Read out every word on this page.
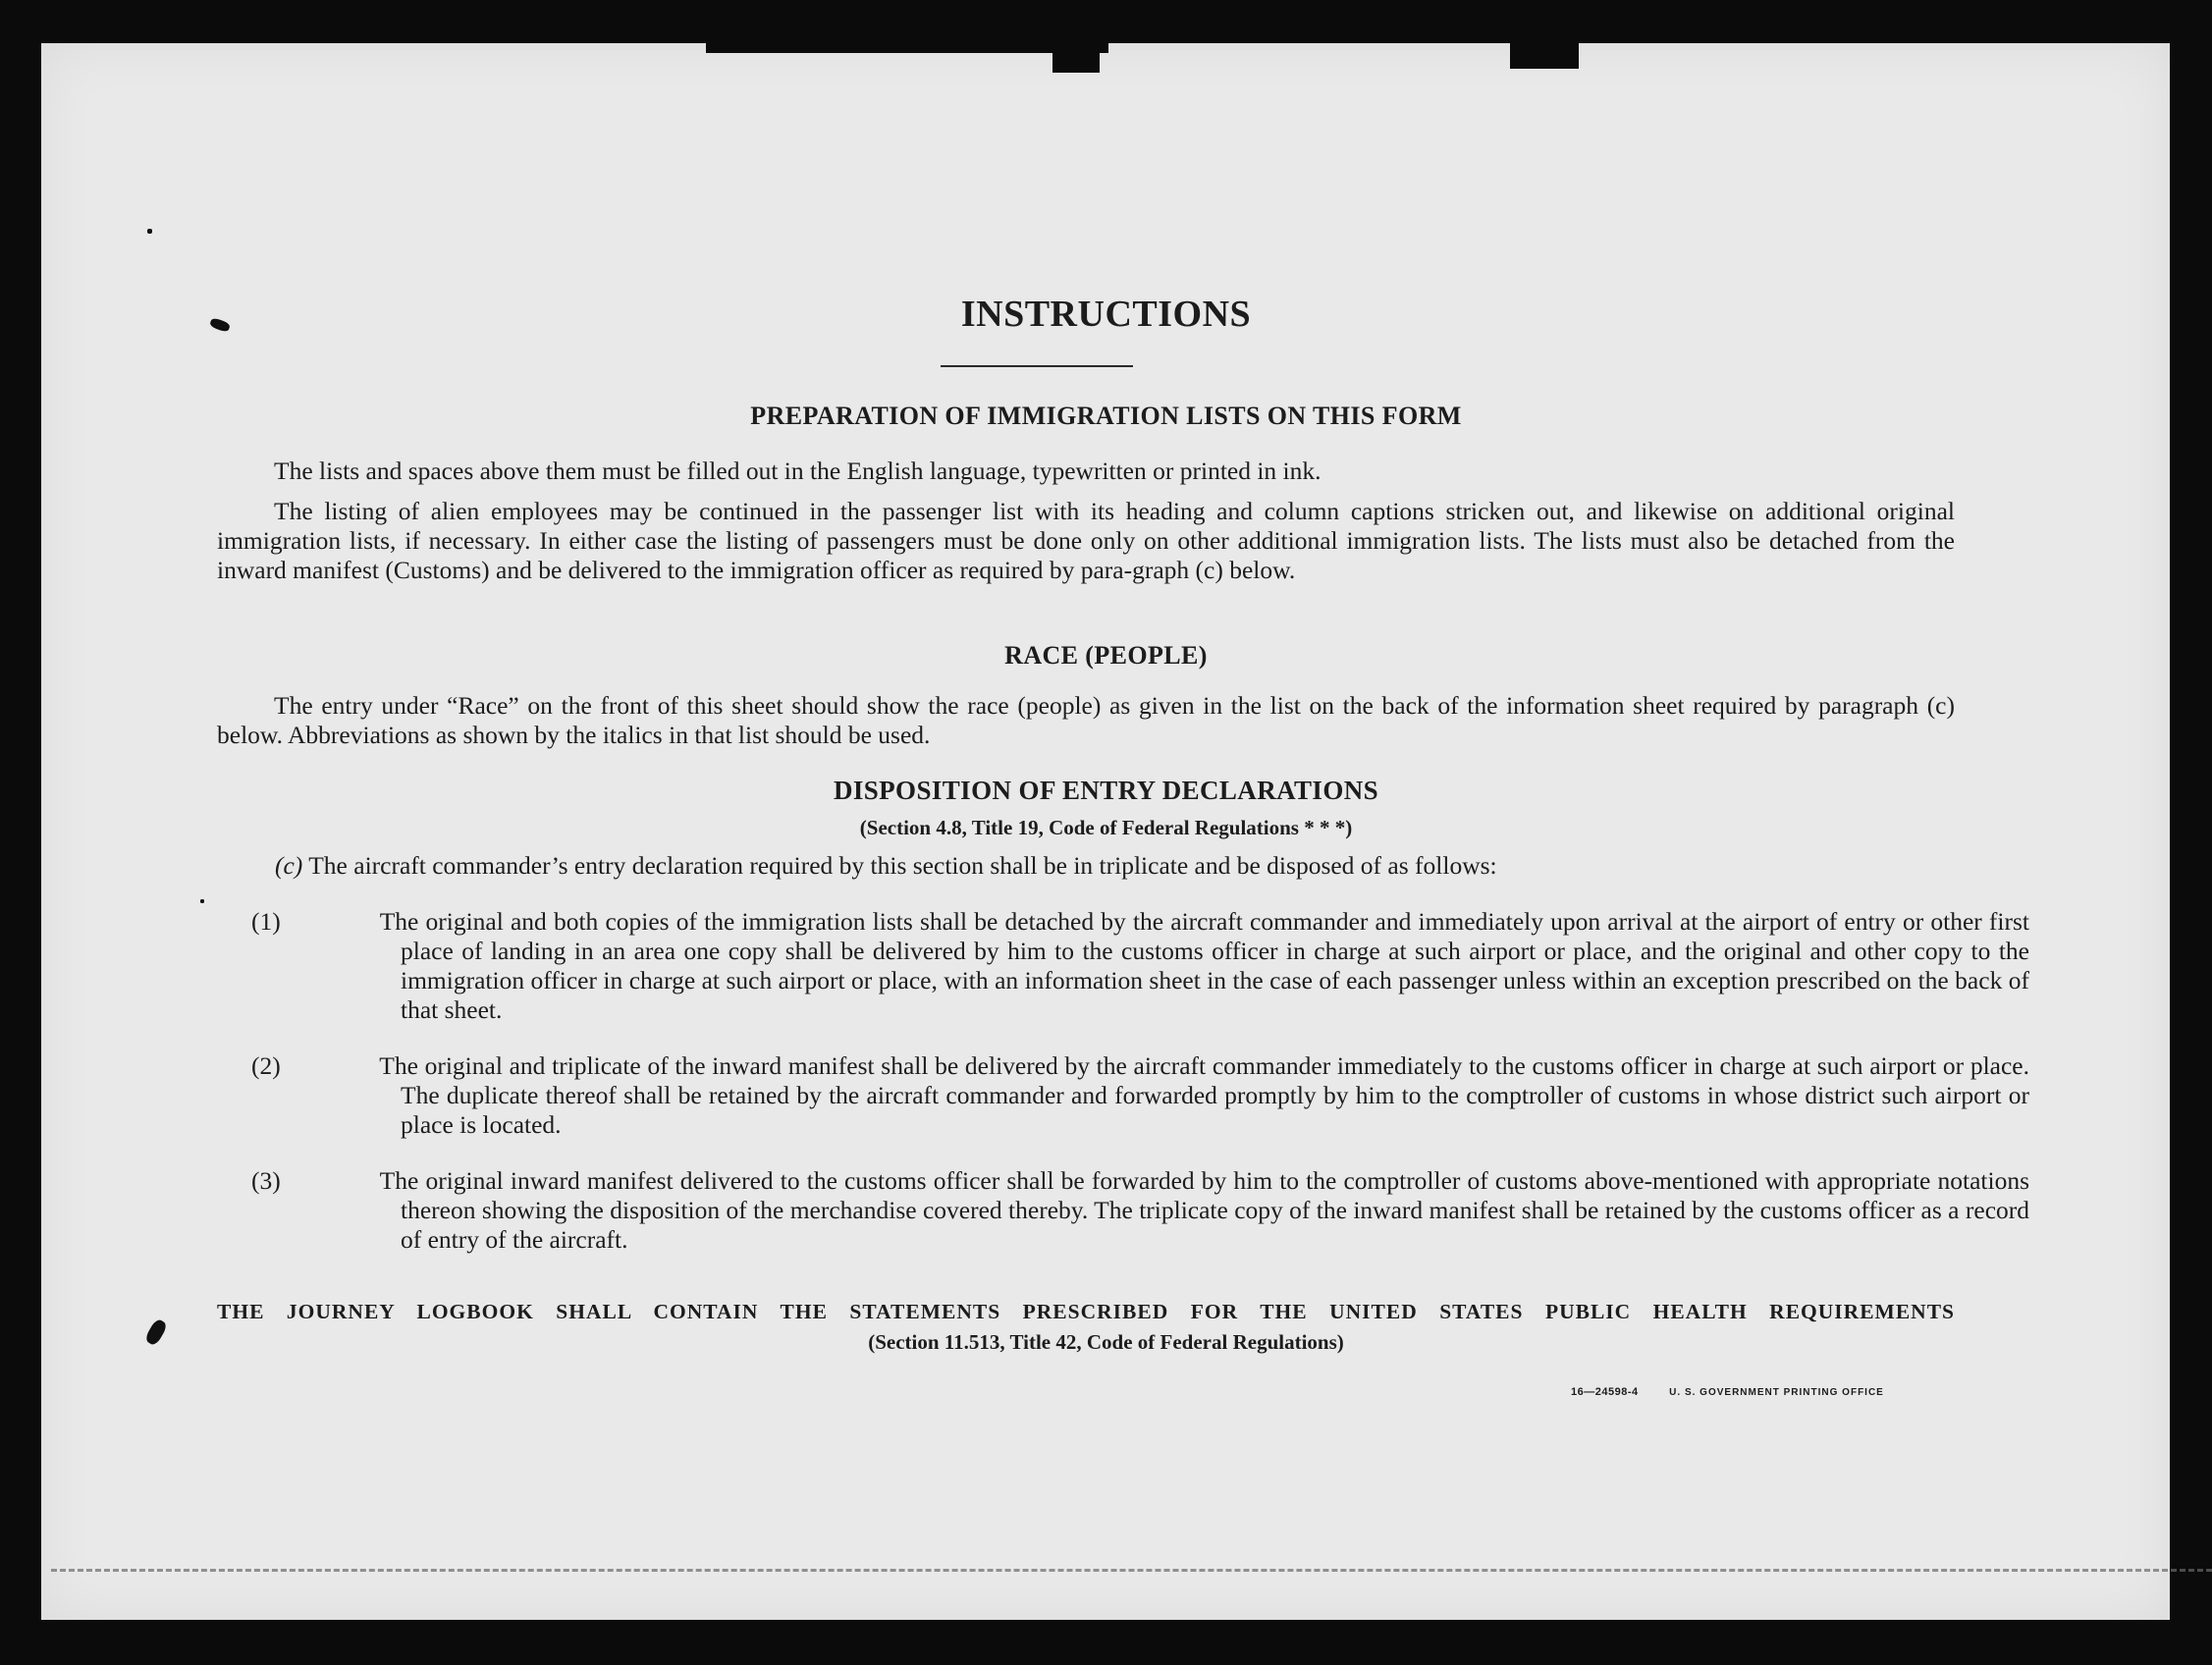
INSTRUCTIONS
PREPARATION OF IMMIGRATION LISTS ON THIS FORM
The lists and spaces above them must be filled out in the English language, typewritten or printed in ink.
The listing of alien employees may be continued in the passenger list with its heading and column captions stricken out, and likewise on additional original immigration lists, if necessary. In either case the listing of passengers must be done only on other additional immigration lists. The lists must also be detached from the inward manifest (Customs) and be delivered to the immigration officer as required by para-graph (c) below.
RACE (PEOPLE)
The entry under “Race” on the front of this sheet should show the race (people) as given in the list on the back of the information sheet required by paragraph (c) below. Abbreviations as shown by the italics in that list should be used.
DISPOSITION OF ENTRY DECLARATIONS
(Section 4.8, Title 19, Code of Federal Regulations * * *)
(c) The aircraft commander’s entry declaration required by this section shall be in triplicate and be disposed of as follows:
(1)	The original and both copies of the immigration lists shall be detached by the aircraft commander and immediately upon arrival at the airport of entry or other first place of landing in an area one copy shall be delivered by him to the customs officer in charge at such airport or place, and the original and other copy to the immigration officer in charge at such airport or place, with an information sheet in the case of each passenger unless within an exception prescribed on the back of that sheet.
(2)	The original and triplicate of the inward manifest shall be delivered by the aircraft commander immediately to the customs officer in charge at such airport or place. The duplicate thereof shall be retained by the aircraft commander and forwarded promptly by him to the comptroller of customs in whose district such airport or place is located.
(3)	The original inward manifest delivered to the customs officer shall be forwarded by him to the comptroller of customs above-mentioned with appropriate notations thereon showing the disposition of the merchandise covered thereby. The triplicate copy of the inward manifest shall be retained by the customs officer as a record of entry of the aircraft.
THE JOURNEY LOGBOOK SHALL CONTAIN THE STATEMENTS PRESCRIBED FOR THE UNITED STATES PUBLIC HEALTH REQUIREMENTS
(Section 11.513, Title 42, Code of Federal Regulations)
16—24598-4	U. S. GOVERNMENT PRINTING OFFICE
